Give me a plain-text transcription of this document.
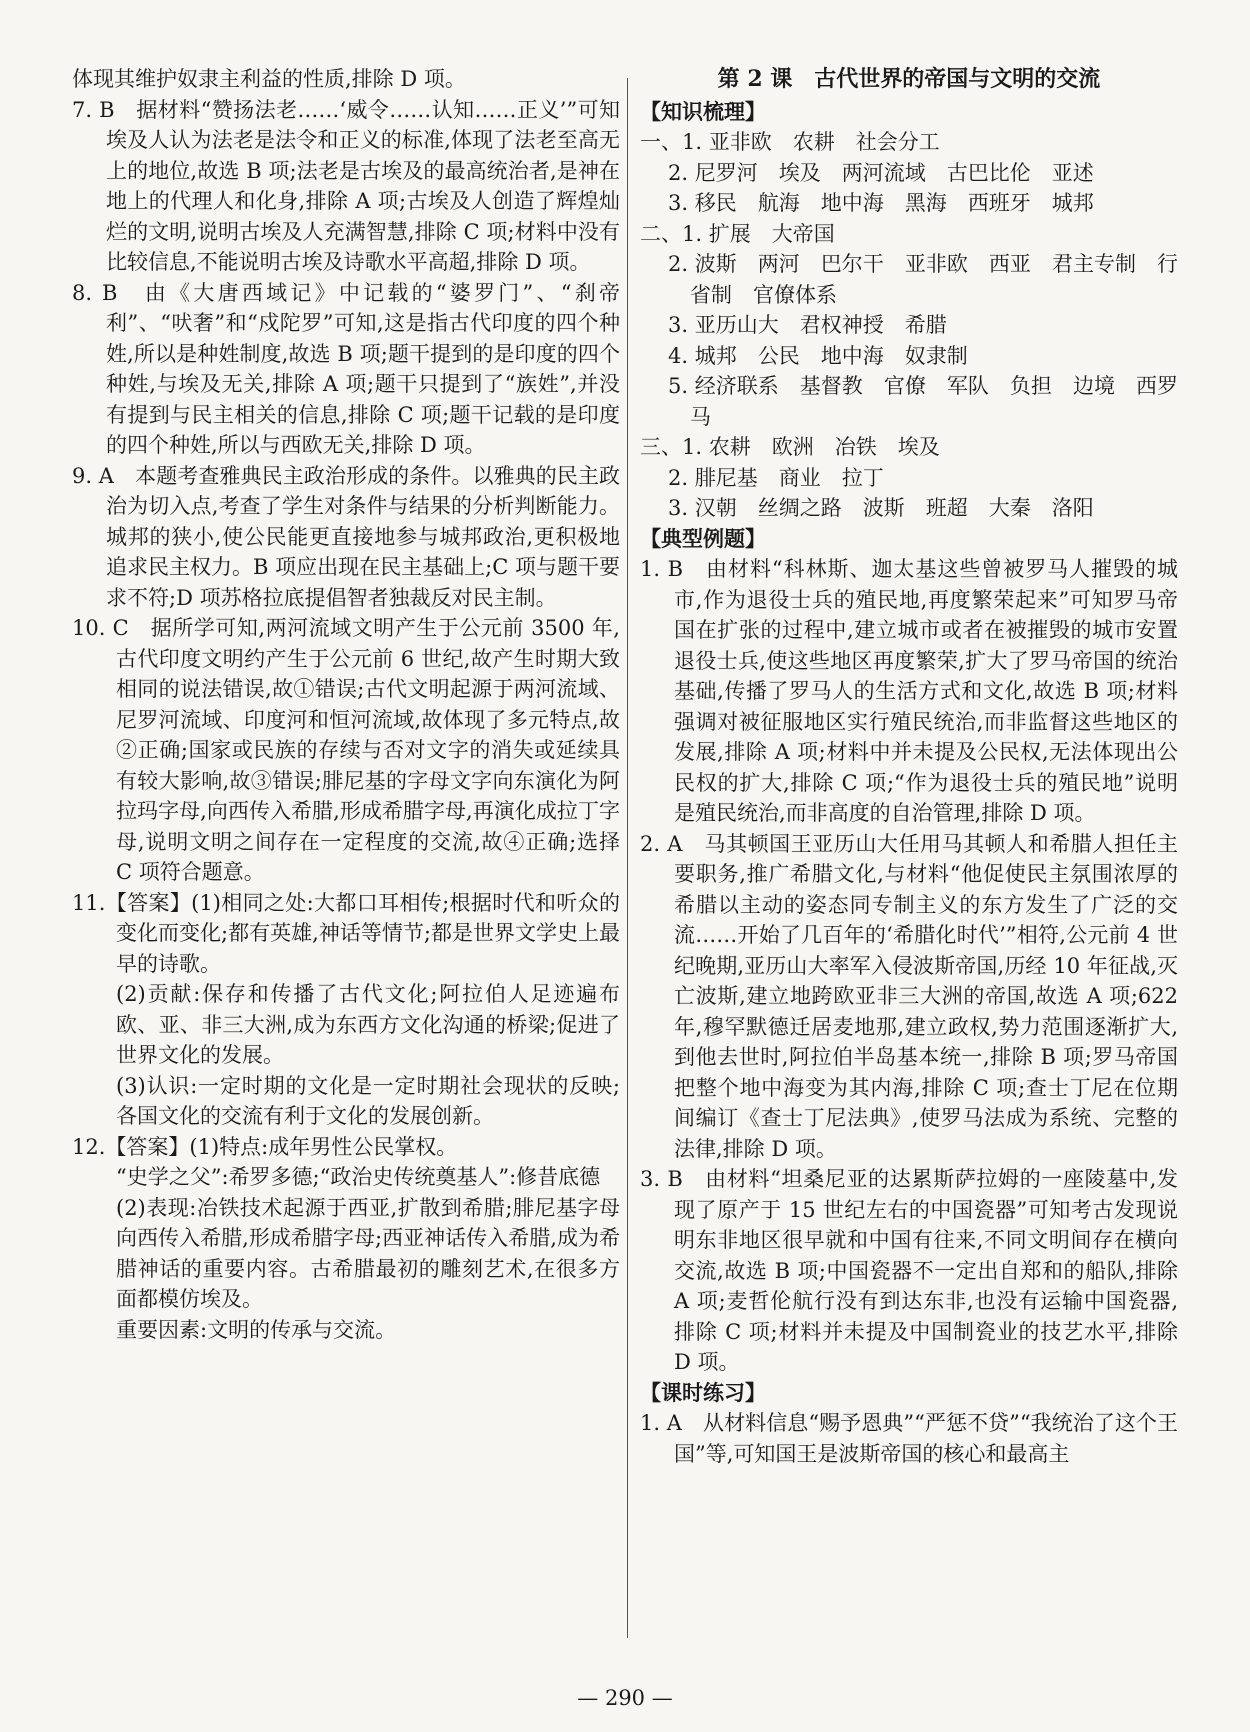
体现其维护奴隶主利益的性质,排除 D 项。

7. B　据材料“赞扬法老……‘威令……认知……正义’”可知埃及人认为法老是法令和正义的标准,体现了法老至高无上的地位,故选 B 项;法老是古埃及的最高统治者,是神在地上的代理人和化身,排除 A 项;古埃及人创造了辉煌灿烂的文明,说明古埃及人充满智慧,排除 C 项;材料中没有比较信息,不能说明古埃及诗歌水平高超,排除 D 项。

8. B　由《大唐西域记》中记载的“婆罗门”、“刹帝利”、“吠奢”和“戍陀罗”可知,这是指古代印度的四个种姓,所以是种姓制度,故选 B 项;题干提到的是印度的四个种姓,与埃及无关,排除 A 项;题干只提到了“族姓”,并没有提到与民主相关的信息,排除 C 项;题干记载的是印度的四个种姓,所以与西欧无关,排除 D 项。

9. A　本题考查雅典民主政治形成的条件。以雅典的民主政治为切入点,考查了学生对条件与结果的分析判断能力。城邦的狭小,使公民能更直接地参与城邦政治,更积极地追求民主权力。B 项应出现在民主基础上;C 项与题干要求不符;D 项苏格拉底提倡智者独裁反对民主制。

10. C　据所学可知,两河流域文明产生于公元前 3500 年,古代印度文明约产生于公元前 6 世纪,故产生时期大致相同的说法错误,故①错误;古代文明起源于两河流域、尼罗河流域、印度河和恒河流域,故体现了多元特点,故②正确;国家或民族的存续与否对文字的消失或延续具有较大影响,故③错误;腓尼基的字母文字向东演化为阿拉玛字母,向西传入希腊,形成希腊字母,再演化成拉丁字母,说明文明之间存在一定程度的交流,故④正确;选择 C 项符合题意。

11.【答案】(1)相同之处:大都口耳相传;根据时代和听众的变化而变化;都有英雄,神话等情节;都是世界文学史上最早的诗歌。

(2)贡献:保存和传播了古代文化;阿拉伯人足迹遍布欧、亚、非三大洲,成为东西方文化沟通的桥梁;促进了世界文化的发展。

(3)认识:一定时期的文化是一定时期社会现状的反映;各国文化的交流有利于文化的发展创新。

12.【答案】(1)特点:成年男性公民掌权。

“史学之父”:希罗多德;“政治史传统奠基人”:修昔底德

(2)表现:冶铁技术起源于西亚,扩散到希腊;腓尼基字母向西传入希腊,形成希腊字母;西亚神话传入希腊,成为希腊神话的重要内容。古希腊最初的雕刻艺术,在很多方面都模仿埃及。

重要因素:文明的传承与交流。

第 2 课　古代世界的帝国与文明的交流

【知识梳理】

一、1. 亚非欧　农耕　社会分工

2. 尼罗河　埃及　两河流域　古巴比伦　亚述

3. 移民　航海　地中海　黑海　西班牙　城邦

二、1. 扩展　大帝国

2. 波斯　两河　巴尔干　亚非欧　西亚　君主专制　行省制　官僚体系

3. 亚历山大　君权神授　希腊

4. 城邦　公民　地中海　奴隶制

5. 经济联系　基督教　官僚　军队　负担　边境　西罗马

三、1. 农耕　欧洲　冶铁　埃及

2. 腓尼基　商业　拉丁

3. 汉朝　丝绸之路　波斯　班超　大秦　洛阳

【典型例题】

1. B　由材料“科林斯、迦太基这些曾被罗马人摧毁的城市,作为退役士兵的殖民地,再度繁荣起来”可知罗马帝国在扩张的过程中,建立城市或者在被摧毁的城市安置退役士兵,使这些地区再度繁荣,扩大了罗马帝国的统治基础,传播了罗马人的生活方式和文化,故选 B 项;材料强调对被征服地区实行殖民统治,而非监督这些地区的发展,排除 A 项;材料中并未提及公民权,无法体现出公民权的扩大,排除 C 项;“作为退役士兵的殖民地”说明是殖民统治,而非高度的自治管理,排除 D 项。

2. A　马其顿国王亚历山大任用马其顿人和希腊人担任主要职务,推广希腊文化,与材料“他促使民主氛围浓厚的希腊以主动的姿态同专制主义的东方发生了广泛的交流……开始了几百年的‘希腊化时代’”相符,公元前 4 世纪晚期,亚历山大率军入侵波斯帝国,历经 10 年征战,灭亡波斯,建立地跨欧亚非三大洲的帝国,故选 A 项;622 年,穆罕默德迁居麦地那,建立政权,势力范围逐渐扩大,到他去世时,阿拉伯半岛基本统一,排除 B 项;罗马帝国把整个地中海变为其内海,排除 C 项;查士丁尼在位期间编订《查士丁尼法典》,使罗马法成为系统、完整的法律,排除 D 项。

3. B　由材料“坦桑尼亚的达累斯萨拉姆的一座陵墓中,发现了原产于 15 世纪左右的中国瓷器”可知考古发现说明东非地区很早就和中国有往来,不同文明间存在横向交流,故选 B 项;中国瓷器不一定出自郑和的船队,排除 A 项;麦哲伦航行没有到达东非,也没有运输中国瓷器,排除 C 项;材料并未提及中国制瓷业的技艺水平,排除 D 项。

【课时练习】

1. A　从材料信息“赐予恩典”“严惩不贷”“我统治了这个王国”等,可知国王是波斯帝国的核心和最高主

— 290 —
